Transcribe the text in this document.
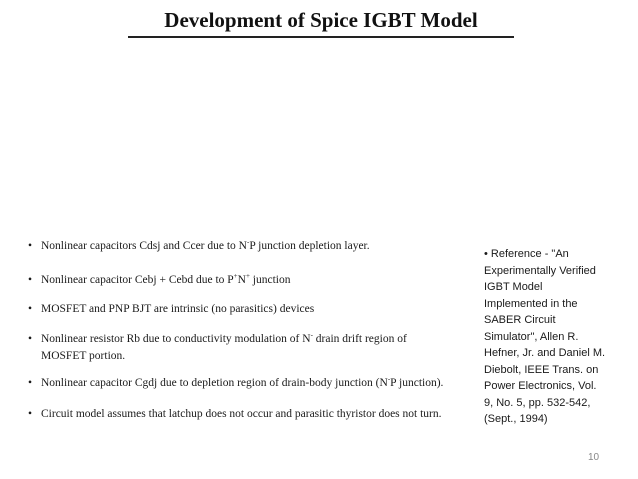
Development of Spice IGBT Model
• Nonlinear capacitors Cdsj and Ccer due to N-P junction depletion layer.
• Nonlinear capacitor Cebj + Cebd due to P+N+ junction
• MOSFET and PNP BJT are intrinsic (no parasitics) devices
• Nonlinear resistor Rb due to conductivity modulation of N- drain drift region of MOSFET portion.
• Nonlinear capacitor Cgdj due to depletion region of drain-body junction (N-P junction).
• Circuit model assumes that latchup does not occur and parasitic thyristor does not turn.
• Reference - "An Experimentally Verified IGBT Model Implemented in the SABER Circuit Simulator", Allen R. Hefner, Jr. and Daniel M. Diebolt, IEEE Trans. on Power Electronics, Vol. 9, No. 5, pp. 532-542, (Sept., 1994)
10
